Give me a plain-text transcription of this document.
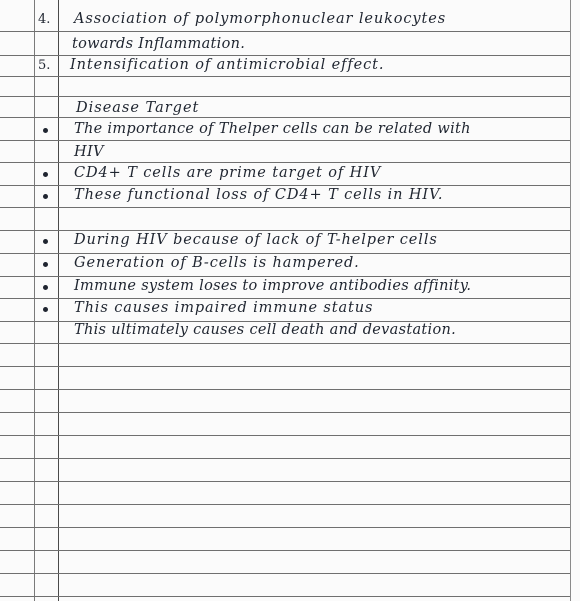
4.
5.
Association of polymorphonuclear leukocytes
towards Inflammation.
Intensification of antimicrobial effect.
Disease Target
The importance of Thelper cells can be related with
HIV
CD4+ T cells are prime target of HIV
These functional loss of CD4+ T cells in HIV.
During HIV because of lack of T-helper cells
Generation of B-cells is hampered.
Immune system loses to improve antibodies affinity.
This causes impaired immune status
This ultimately causes cell death and devastation.
